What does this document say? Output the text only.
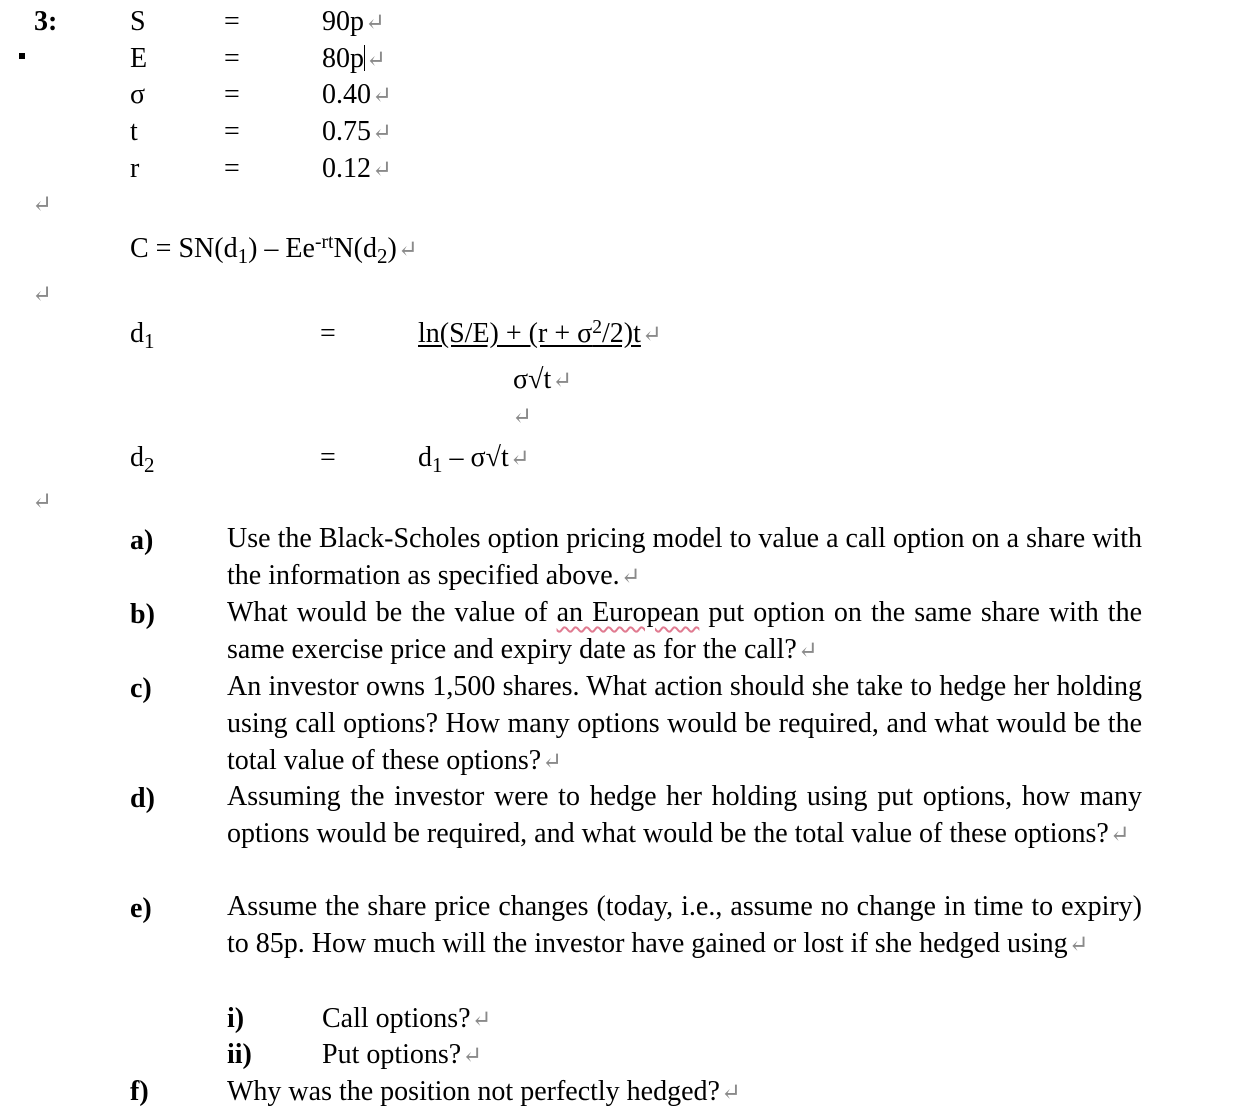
3:	S	=	90p↵
E	=	80p↵
σ	=	0.40↵
t	=	0.75↵
r	=	0.12↵
↵
$C = SN(d_1)$ – $Ee^{-rt}N(d_2)↵$
↵
$d_1$	=	$\ln(S/E) + (r + \sigma^2/2)t↵$
σ√t↵
↵
$d_2$	=	$d_1$ – σ√t↵
↵
a)	Use the Black-Scholes option pricing model to value a call option on a share with the information as specified above.↵
b)	What would be the value of an European put option on the same share with the same exercise price and expiry date as for the call?↵
c)	An investor owns 1,500 shares. What action should she take to hedge her holding using call options? How many options would be required, and what would be the total value of these options?↵
d)	Assuming the investor were to hedge her holding using put options, how many options would be required, and what would be the total value of these options?↵
e)	Assume the share price changes (today, i.e., assume no change in time to expiry) to 85p. How much will the investor have gained or lost if she hedged using↵
i)	Call options?↵
ii)	Put options?↵
f)	Why was the position not perfectly hedged?↵
